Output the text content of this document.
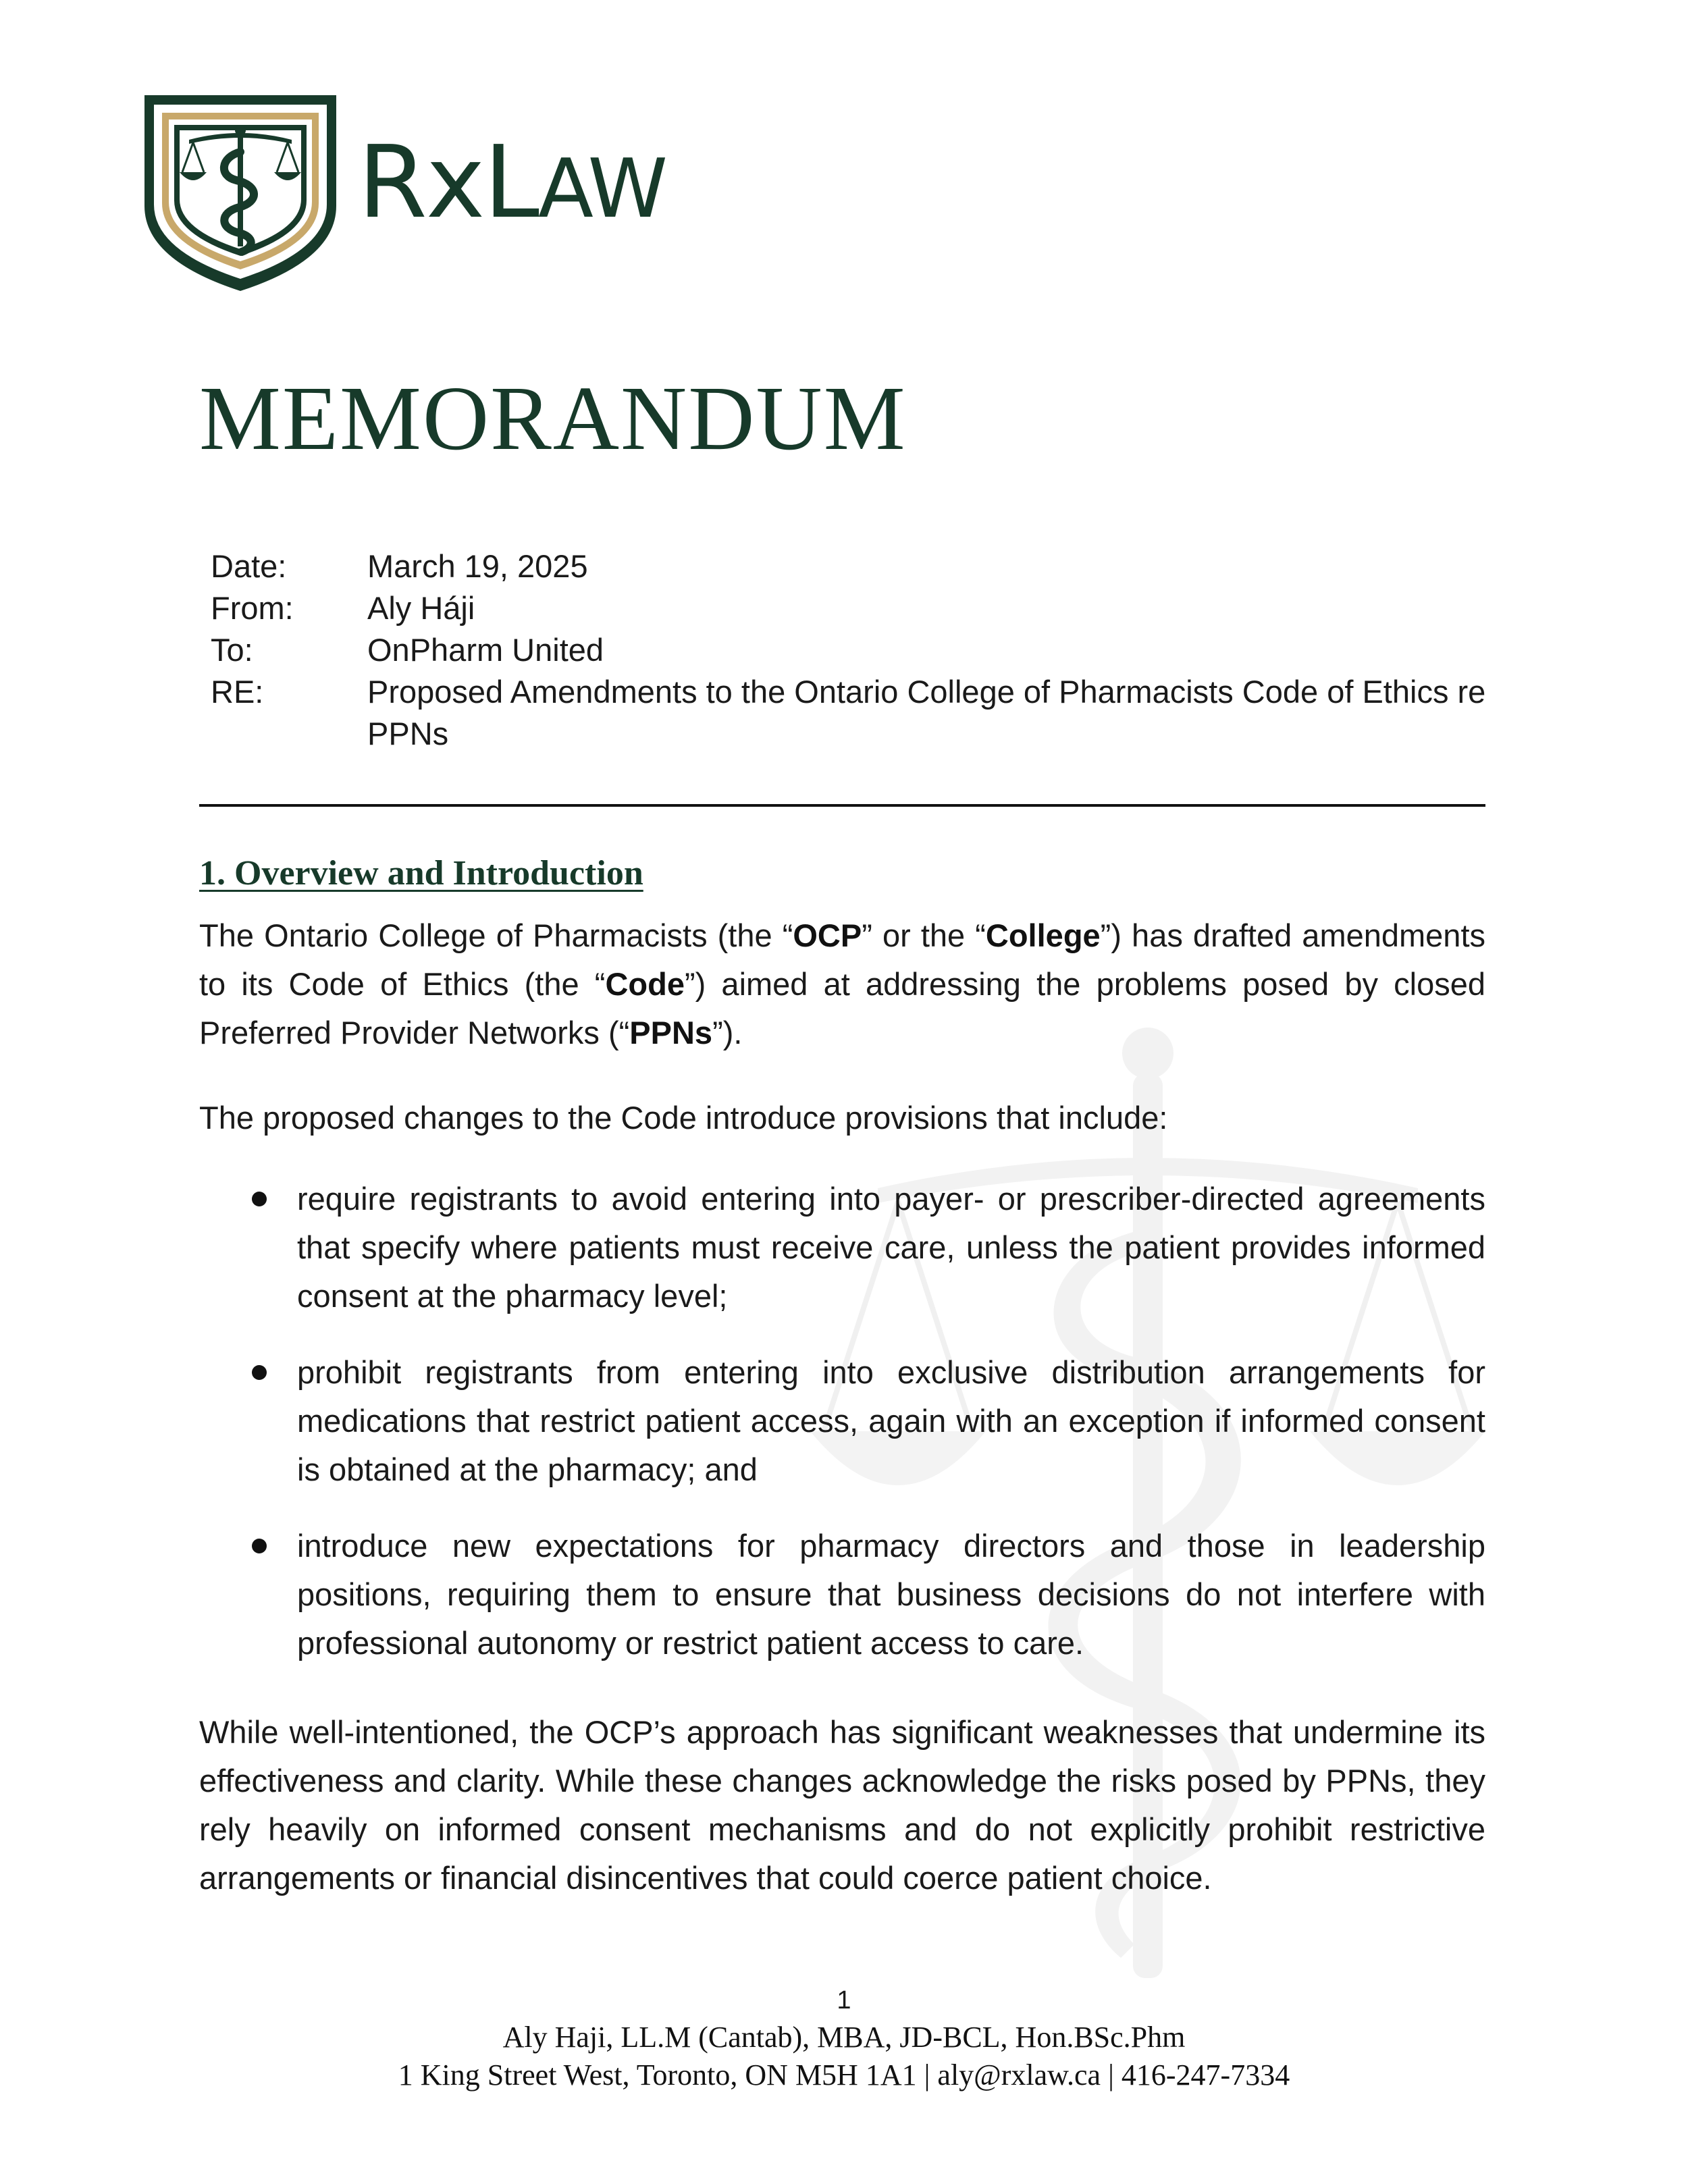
RxLAW
MEMORANDUM
Date:	March 19, 2025
From:	Aly Háji
To:	OnPharm United
RE:	Proposed Amendments to the Ontario College of Pharmacists Code of Ethics re PPNs
1. Overview and Introduction
The Ontario College of Pharmacists (the “OCP” or the “College”) has drafted amendments to its Code of Ethics (the “Code”) aimed at addressing the problems posed by closed Preferred Provider Networks (“PPNs”).
The proposed changes to the Code introduce provisions that include:
require registrants to avoid entering into payer- or prescriber-directed agreements that specify where patients must receive care, unless the patient provides informed consent at the pharmacy level;
prohibit registrants from entering into exclusive distribution arrangements for medications that restrict patient access, again with an exception if informed consent is obtained at the pharmacy; and
introduce new expectations for pharmacy directors and those in leadership positions, requiring them to ensure that business decisions do not interfere with professional autonomy or restrict patient access to care.
While well-intentioned, the OCP’s approach has significant weaknesses that undermine its effectiveness and clarity. While these changes acknowledge the risks posed by PPNs, they rely heavily on informed consent mechanisms and do not explicitly prohibit restrictive arrangements or financial disincentives that could coerce patient choice.
1
Aly Haji, LL.M (Cantab), MBA, JD-BCL, Hon.BSc.Phm
1 King Street West, Toronto, ON M5H 1A1 | aly@rxlaw.ca | 416-247-7334
